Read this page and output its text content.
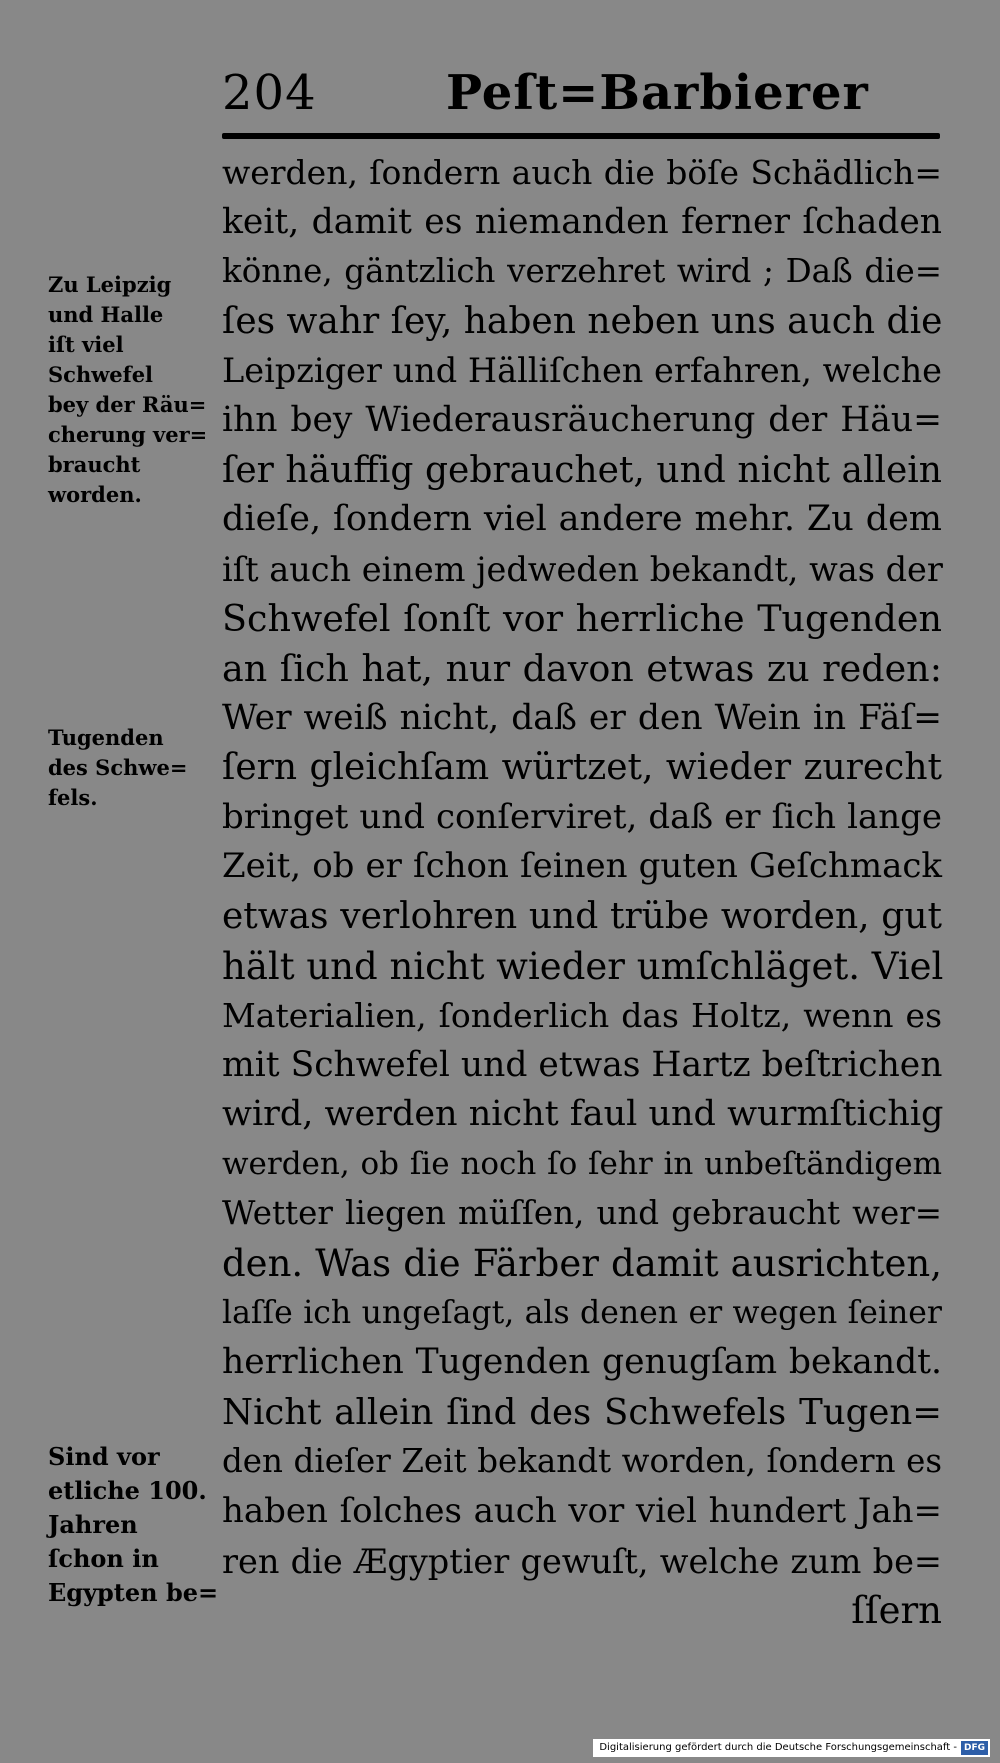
204	Peſt=Barbierer
Zu Leipzig
und Halle
iſt viel
Schwefel
bey der Räu=
cherung ver=
braucht
worden.
Tugenden
des Schwe=
fels.
Sind vor
etliche 100.
Jahren
ſchon in
Egypten be=
werden, ſondern auch die böſe Schädlich=
keit, damit es niemanden ferner ſchaden
könne, gäntzlich verzehret wird ; Daß die=
ſes wahr ſey, haben neben uns auch die
Leipziger und Hälliſchen erfahren, welche
ihn bey Wiederausräucherung der Häu=
ſer häuffig gebrauchet, und nicht allein
dieſe, ſondern viel andere mehr. Zu dem
iſt auch einem jedweden bekandt, was der
Schwefel ſonſt vor herrliche Tugenden
an ſich hat, nur davon etwas zu reden:
Wer weiß nicht, daß er den Wein in Fäſ=
ſern gleichſam würtzet, wieder zurecht
bringet und conſerviret, daß er ſich lange
Zeit, ob er ſchon ſeinen guten Geſchmack
etwas verlohren und trübe worden, gut
hält und nicht wieder umſchläget. Viel
Materialien, ſonderlich das Holtz, wenn es
mit Schwefel und etwas Hartz beſtrichen
wird, werden nicht faul und wurmſtichig
werden, ob ſie noch ſo ſehr in unbeſtändigem
Wetter liegen müſſen, und gebraucht wer=
den. Was die Färber damit ausrichten,
laſſe ich ungeſagt, als denen er wegen ſeiner
herrlichen Tugenden genugſam bekandt.
Nicht allein ſind des Schwefels Tugen=
den dieſer Zeit bekandt worden, ſondern es
haben ſolches auch vor viel hundert Jah=
ren die Ægyptier gewuſt, welche zum be=
ſſern
Digitalisierung gefördert durch die Deutsche Forschungsgemeinschaft - DFG
